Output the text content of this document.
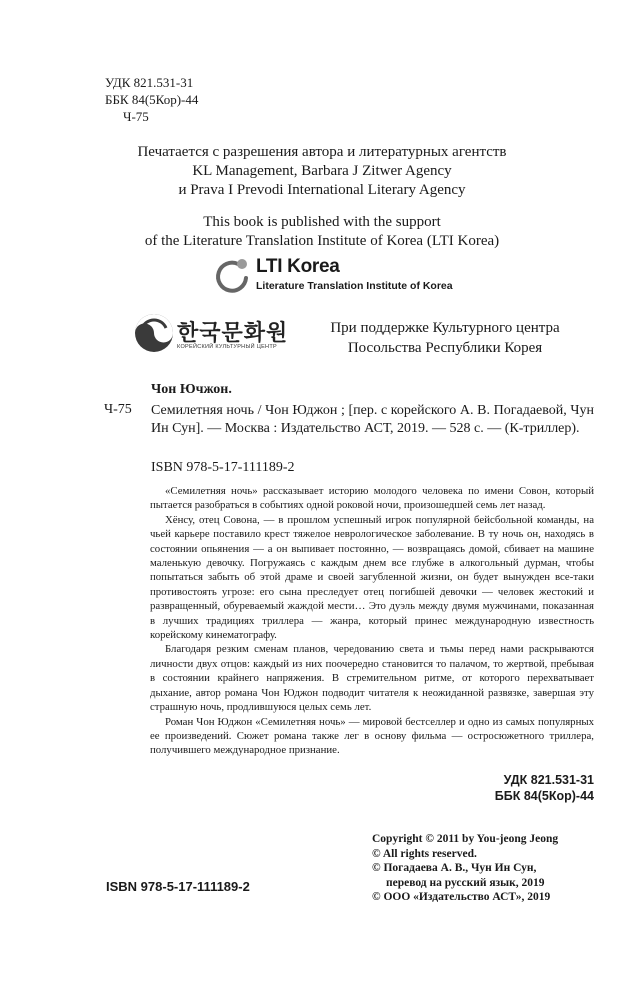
УДК 821.531-31
ББК 84(5Кор)-44
Ч-75
Печатается с разрешения автора и литературных агентств
KL Management, Barbara J Zitwer Agency
и Prava I Prevodi International Literary Agency
This book is published with the support
of the Literature Translation Institute of Korea (LTI Korea)
LTI Korea
Literature Translation Institute of Korea
한국문화원
КОРЕЙСКИЙ КУЛЬТУРНЫЙ ЦЕНТР
При поддержке Культурного центра
Посольства Республики Корея
Чон Ючжон.
Ч-75 Семилетняя ночь / Чон Юджон ; [пер. с корейского А. В. Погадаевой, Чун Ин Сун]. — Москва : Издательство АСТ, 2019. — 528 с. — (К-триллер).
ISBN 978-5-17-111189-2

«Семилетняя ночь» рассказывает историю молодого человека по имени Совон, который пытается разобраться в событиях одной роковой ночи, произошедшей семь лет назад.

Хёнсу, отец Совона, — в прошлом успешный игрок популярной бейсбольной команды, на чьей карьере поставило крест тяжелое неврологическое заболевание. В ту ночь он, находясь в состоянии опьянения — а он выпивает постоянно, — возвращаясь домой, сбивает на машине маленькую девочку. Погружаясь с каждым днем все глубже в алкогольный дурман, чтобы попытаться забыть об этой драме и своей загубленной жизни, он будет вынужден все-таки противостоять угрозе: его сына преследует отец погибшей девочки — человек жестокий и развращенный, обуреваемый жаждой мести… Это дуэль между двумя мужчинами, показанная в лучших традициях триллера — жанра, который принес международную известность корейскому кинематографу.

Благодаря резким сменам планов, чередованию света и тьмы перед нами раскрываются личности двух отцов: каждый из них поочередно становится то палачом, то жертвой, пребывая в состоянии крайнего напряжения. В стремительном ритме, от которого перехватывает дыхание, автор романа Чон Юджон подводит читателя к неожиданной развязке, завершая эту страшную ночь, продлившуюся целых семь лет.

Роман Чон Юджон «Семилетняя ночь» — мировой бестселлер и одно из самых популярных ее произведений. Сюжет романа также лег в основу фильма — остросюжетного триллера, получившего международное признание.

УДК 821.531-31
ББК 84(5Кор)-44
Copyright © 2011 by You-jeong Jeong
© All rights reserved.
© Погадаева А. В., Чун Ин Сун,
перевод на русский язык, 2019
© ООО «Издательство АСТ», 2019
ISBN 978-5-17-111189-2
